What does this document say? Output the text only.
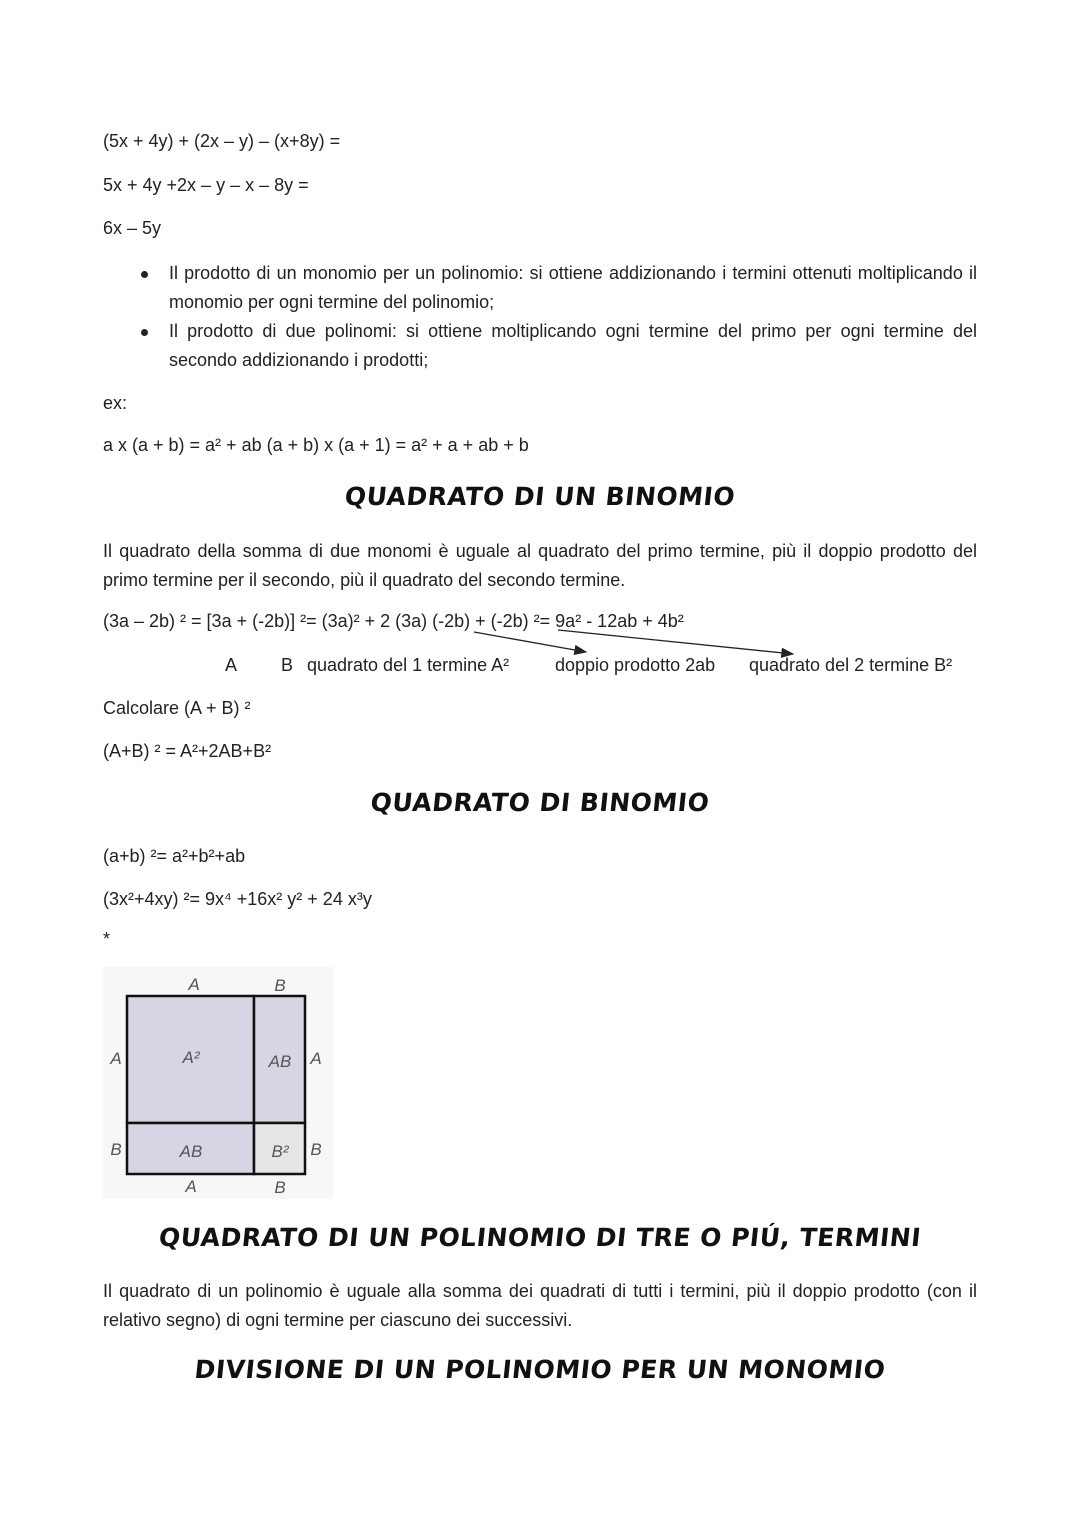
(5x + 4y) + (2x – y) – (x+8y) =
5x + 4y +2x – y – x – 8y =
6x – 5y
Il prodotto di un monomio per un polinomio: si ottiene addizionando i termini ottenuti moltiplicando il monomio per ogni termine del polinomio;
Il prodotto di due polinomi: si ottiene moltiplicando ogni termine del primo per ogni termine del secondo addizionando i prodotti;
ex:
a x (a + b) = a² + ab (a + b) x (a + 1) = a² + a + ab + b
QUADRATO DI UN BINOMIO
Il quadrato della somma di due monomi è uguale al quadrato del primo termine, più il doppio prodotto del primo termine per il secondo, più il quadrato del secondo termine.
(3a – 2b) ² = [3a + (-2b)] ²= (3a)² + 2 (3a) (-2b) + (-2b) ²= 9a² - 12ab + 4b²
A B quadrato del 1 termine A²	doppio prodotto 2ab quadrato del 2 termine B²
Calcolare (A + B) ²
(A+B) ² = A²+2AB+B²
QUADRATO DI BINOMIO
(a+b) ²= a²+b²+ab
(3x²+4xy) ²= 9x⁴ +16x² y² + 24 x³y
*
A	B
A
B
A
B
A	B
A²	AB
AB	B²
QUADRATO DI UN POLINOMIO DI TRE O PIÚ, TERMINI
Il quadrato di un polinomio è uguale alla somma dei quadrati di tutti i termini, più il doppio prodotto (con il relativo segno) di ogni termine per ciascuno dei successivi.
DIVISIONE DI UN POLINOMIO PER UN MONOMIO
